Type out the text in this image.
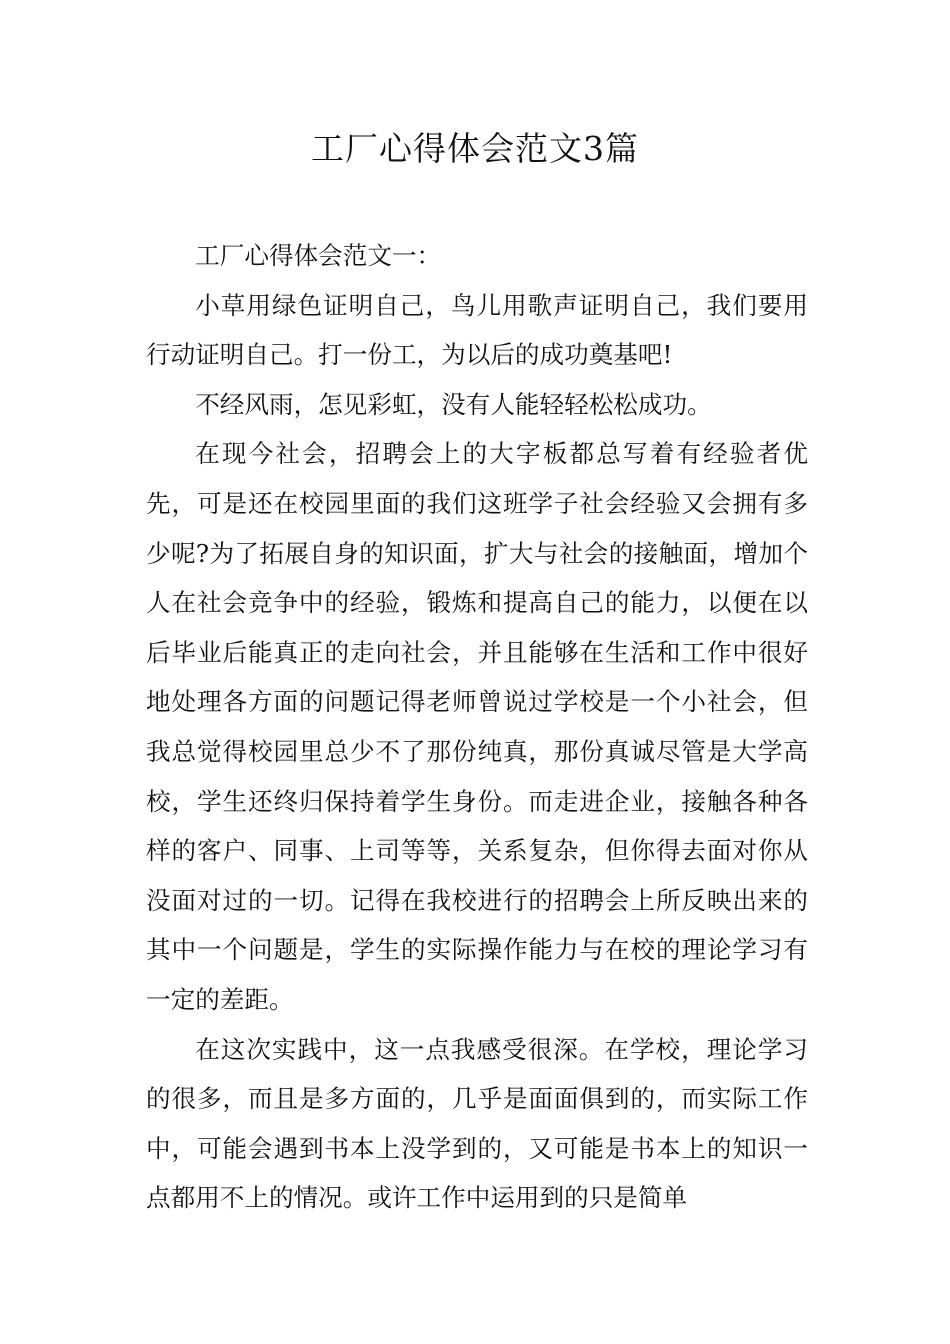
工厂心得体会范文3篇

工厂心得体会范文一：

小草用绿色证明自己，鸟儿用歌声证明自己，我们要用行动证明自己。打一份工，为以后的成功奠基吧!

不经风雨，怎见彩虹，没有人能轻轻松松成功。

在现今社会，招聘会上的大字板都总写着有经验者优先，可是还在校园里面的我们这班学子社会经验又会拥有多少呢?为了拓展自身的知识面，扩大与社会的接触面，增加个人在社会竞争中的经验，锻炼和提高自己的能力，以便在以后毕业后能真正的走向社会，并且能够在生活和工作中很好地处理各方面的问题记得老师曾说过学校是一个小社会，但我总觉得校园里总少不了那份纯真，那份真诚尽管是大学高校，学生还终归保持着学生身份。而走进企业，接触各种各样的客户、同事、上司等等，关系复杂，但你得去面对你从没面对过的一切。记得在我校进行的招聘会上所反映出来的其中一个问题是，学生的实际操作能力与在校的理论学习有一定的差距。

在这次实践中，这一点我感受很深。在学校，理论学习的很多，而且是多方面的，几乎是面面俱到的，而实际工作中，可能会遇到书本上没学到的，又可能是书本上的知识一点都用不上的情况。或许工作中运用到的只是简单
